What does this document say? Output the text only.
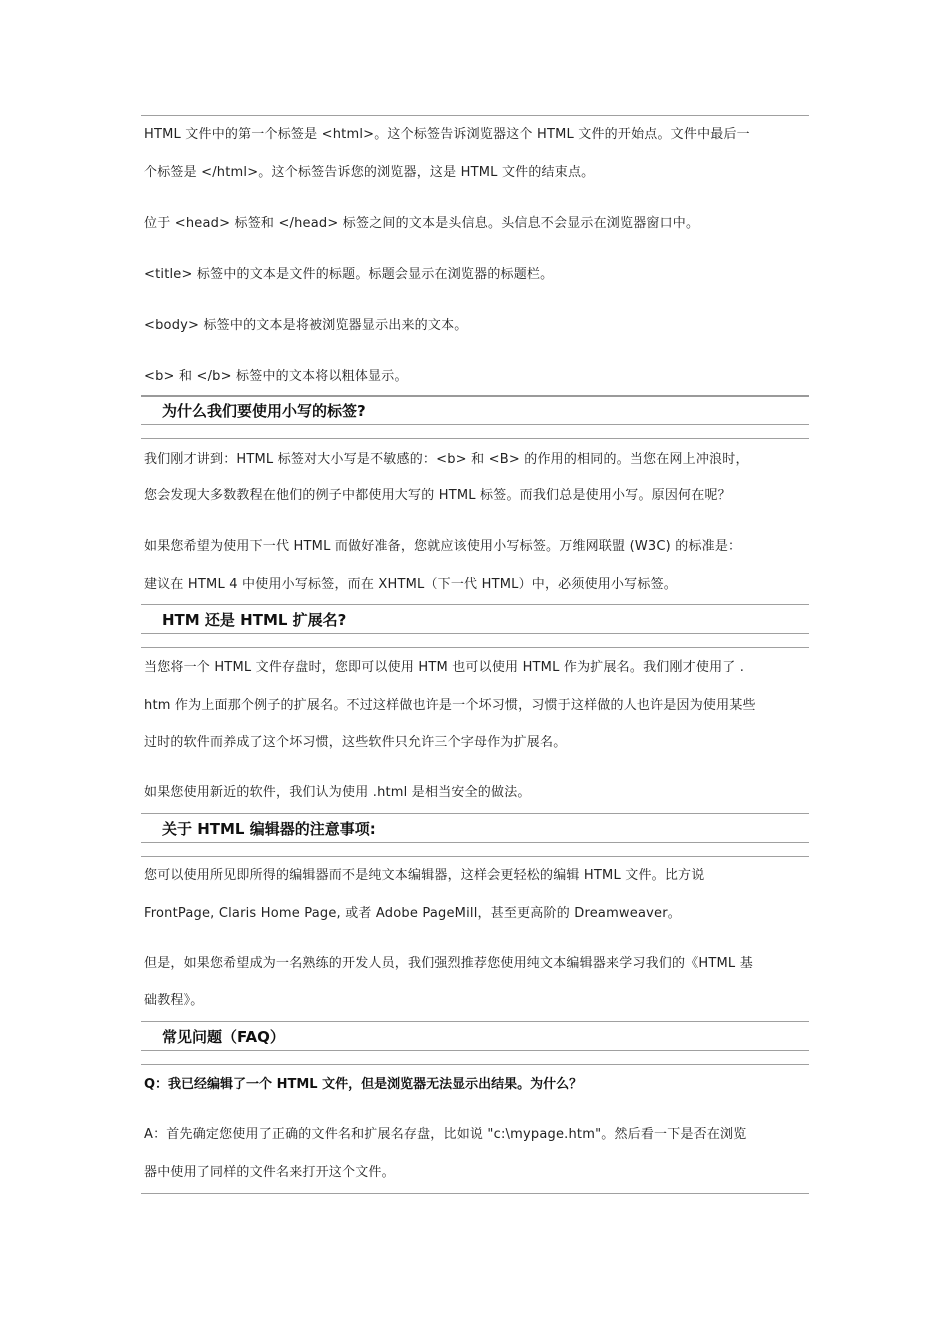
HTML 文件中的第一个标签是 <html>。这个标签告诉浏览器这个 HTML 文件的开始点。文件中最后一
个标签是 </html>。这个标签告诉您的浏览器，这是 HTML 文件的结束点。
位于 <head> 标签和 </head> 标签之间的文本是头信息。头信息不会显示在浏览器窗口中。
<title> 标签中的文本是文件的标题。标题会显示在浏览器的标题栏。
<body> 标签中的文本是将被浏览器显示出来的文本。
<b> 和 </b> 标签中的文本将以粗体显示。
为什么我们要使用小写的标签?
我们刚才讲到：HTML 标签对大小写是不敏感的：<b> 和 <B> 的作用的相同的。当您在网上冲浪时，
您会发现大多数教程在他们的例子中都使用大写的 HTML 标签。而我们总是使用小写。原因何在呢？
如果您希望为使用下一代 HTML 而做好准备，您就应该使用小写标签。万维网联盟 (W3C) 的标准是：
建议在 HTML 4 中使用小写标签，而在 XHTML（下一代 HTML）中，必须使用小写标签。
HTM 还是 HTML 扩展名?
当您将一个 HTML 文件存盘时，您即可以使用 HTM 也可以使用 HTML 作为扩展名。我们刚才使用了 .
htm 作为上面那个例子的扩展名。不过这样做也许是一个坏习惯，习惯于这样做的人也许是因为使用某些
过时的软件而养成了这个坏习惯，这些软件只允许三个字母作为扩展名。
如果您使用新近的软件，我们认为使用 .html 是相当安全的做法。
关于 HTML 编辑器的注意事项:
您可以使用所见即所得的编辑器而不是纯文本编辑器，这样会更轻松的编辑 HTML 文件。比方说
FrontPage, Claris Home Page, 或者 Adobe PageMill，甚至更高阶的 Dreamweaver。
但是，如果您希望成为一名熟练的开发人员，我们强烈推荐您使用纯文本编辑器来学习我们的《HTML 基
础教程》。
常见问题（FAQ）
Q：我已经编辑了一个 HTML 文件，但是浏览器无法显示出结果。为什么？
A：首先确定您使用了正确的文件名和扩展名存盘，比如说 "c:\mypage.htm"。然后看一下是否在浏览
器中使用了同样的文件名来打开这个文件。
